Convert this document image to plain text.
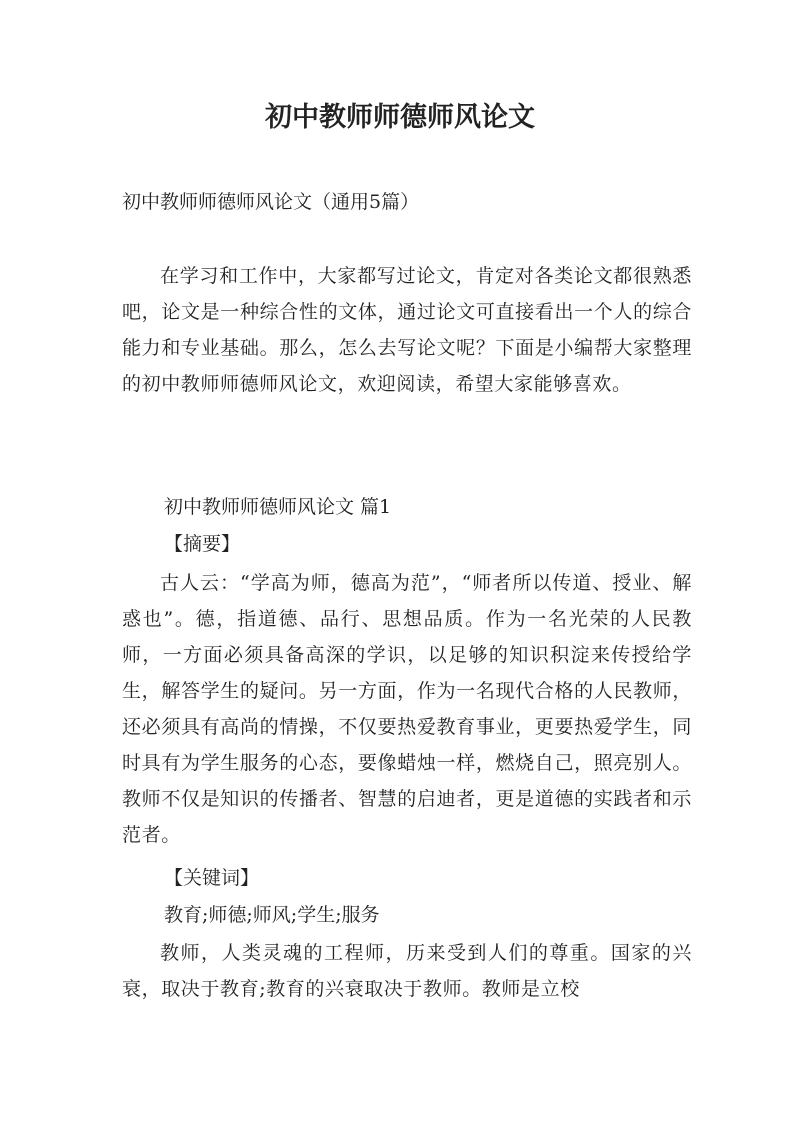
初中教师师德师风论文

初中教师师德师风论文（通用5篇）

在学习和工作中，大家都写过论文，肯定对各类论文都很熟悉吧，论文是一种综合性的文体，通过论文可直接看出一个人的综合能力和专业基础。那么，怎么去写论文呢？下面是小编帮大家整理的初中教师师德师风论文，欢迎阅读，希望大家能够喜欢。

初中教师师德师风论文 篇1

【摘要】

古人云：“学高为师，德高为范”，“师者所以传道、授业、解惑也”。德，指道德、品行、思想品质。作为一名光荣的人民教师，一方面必须具备高深的学识，以足够的知识积淀来传授给学生，解答学生的疑问。另一方面，作为一名现代合格的人民教师，还必须具有高尚的情操，不仅要热爱教育事业，更要热爱学生，同时具有为学生服务的心态，要像蜡烛一样，燃烧自己，照亮别人。教师不仅是知识的传播者、智慧的启迪者，更是道德的实践者和示范者。

【关键词】

教育;师德;师风;学生;服务

教师，人类灵魂的工程师，历来受到人们的尊重。国家的兴衰，取决于教育;教育的兴衰取决于教师。教师是立校
